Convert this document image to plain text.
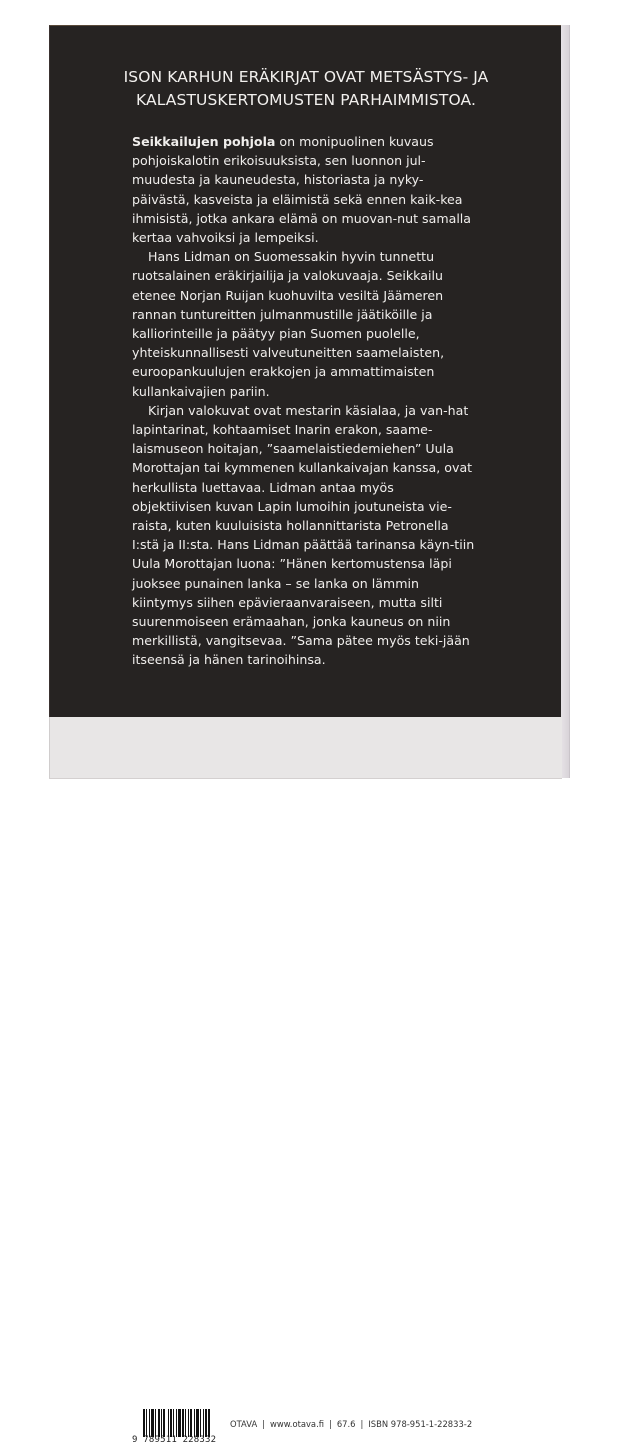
ISON KARHUN ERÄKIRJAT OVAT METSÄSTYS- JA
KALASTUSKERTOMUSTEN PARHAIMMISTOA.

Seikkailujen pohjola on monipuolinen kuvaus pohjoiskalotin erikoisuuksista, sen luonnon jul-muudesta ja kauneudesta, historiasta ja nyky-päivästä, kasveista ja eläimistä sekä ennen kaik-kea ihmisistä, jotka ankara elämä on muovan-nut samalla kertaa vahvoiksi ja lempeiksi.

Hans Lidman on Suomessakin hyvin tunnettu ruotsalainen eräkirjailija ja valokuvaaja. Seikkailu etenee Norjan Ruijan kuohuvilta vesiltä Jäämeren rannan tuntureitten julmanmustille jäätiköille ja kalliorinteille ja päätyy pian Suomen puolelle, yhteiskunnallisesti valveutuneitten saamelaisten, euroopankuulujen erakkojen ja ammattimaisten kullankaivajien pariin.

Kirjan valokuvat ovat mestarin käsialaa, ja van-hat lapintarinat, kohtaamiset Inarin erakon, saame-laismuseon hoitajan, ”saamelaistiedemiehen” Uula Morottajan tai kymmenen kullankaivajan kanssa, ovat herkullista luettavaa. Lidman antaa myös objektiivisen kuvan Lapin lumoihin joutuneista vie-raista, kuten kuuluisista hollannittarista Petronella I:stä ja II:sta. Hans Lidman päättää tarinansa käyn-tiin Uula Morottajan luona: ”Hänen kertomustensa läpi juoksee punainen lanka – se lanka on lämmin kiintymys siihen epävieraanvaraiseen, mutta silti suurenmoiseen erämaahan, jonka kauneus on niin merkillistä, vangitsevaa. ”Sama pätee myös teki-jään itseensä ja hänen tarinoihinsa.

9 789511 228332
OTAVA | www.otava.fi | 67.6 | ISBN 978-951-1-22833-2
